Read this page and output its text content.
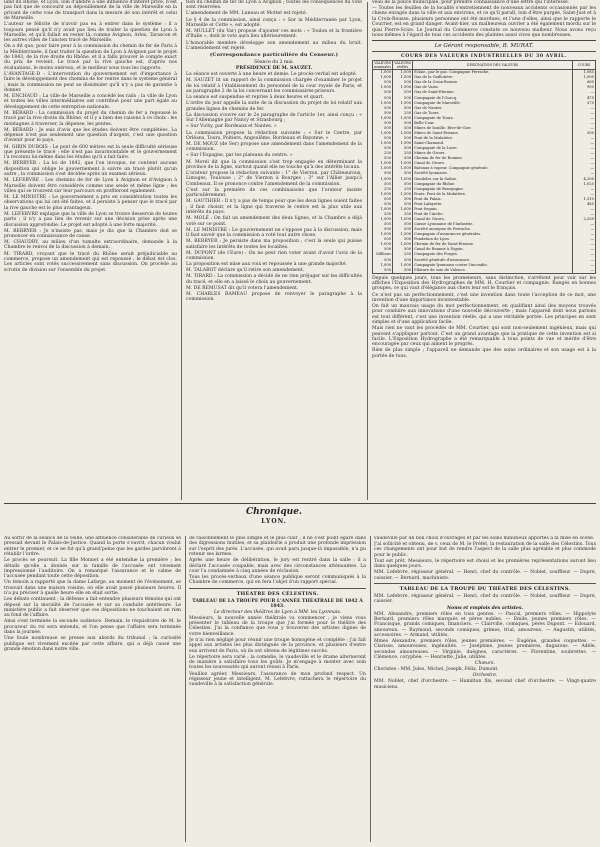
land du Rhône, et Lyon, loin d'abdire à une influence d'intérêt privé, n'est pas fait que de concourir au dépouillement de la ville de Marseille en la privant de cette voie de transport dans la mesure de son intérêt et celui de Marseille.

L'auteur se félicite de n'avoir pas eu à entrer dans le système ; il a toujours pensé qu'il n'y avait pas lieu de traiter la question de Lyon à Marseille, et qu'il fallait en rester là, comme Avignon, Arles, Tarascon et les autres villes de l'ancien tracé de Marseille.

On a dit que, pour faire peur à la commission du chemin de fer de Paris à la Méditerranée, il faut traiter la question de Lyon à Avignon par le projet de 1843, de la rive droite du Rhône, et il a fallu prouver le compte exact du prix de revient. Le tracé par la rive gauche est, d'après nos évaluations, le moins onéreux, et le meilleur sous tous les rapports.

L'AVANTAGE-D : L'intervention du gouvernement est d'importance à faire le développement des chemins de fer rentre dans le système général ; mais la commission ne peut se dissimuler qu'il n'y a pas de garantie à donner.

M. ENCHAUD : La ville de Marseille a concédé les rails ; la ville de Lyon et toutes les villes intermédiaires ont contribué pour une part égale au développement de cette entreprise nationale.

M. BÉRARD : La commission du projet du chemin de fer a repoussé le tracé par la rive droite du Rhône, et il y a bien des raisons à ce choix : les montagnes à traverser, la dépense, les pentes.

M. BÉRARD : Je suis d'avis que les études doivent être complétées. La dépense n'est pas seulement une question d'argent, c'est une question d'avenir pour le pays.

M. GIRIN DUBOIS : Le pont de 600 mètres est la seule difficulté sérieuse que présente le tracé ; elle n'est pas insurmontable et le gouvernement l'a reconnu lui-même dans les études qu'il a fait faire.

M. BERRYER : La loi de 1842, que l'on invoque, ne contient aucune disposition qui oblige le gouvernement à suivre un tracé plutôt qu'un autre ; la commission s'est décidée après un examen sérieux.

M. LEFEBVRE : Les chemins de fer de Lyon à Avignon et d'Avignon à Marseille doivent être considérés comme une seule et même ligne ; les villes qui se trouvent sur leur parcours en profiteront également.

M. LE MINISTRE : Le gouvernement a pris en considération toutes les observations qui lui ont été faites, et il persiste à penser que le tracé par la rive gauche est le plus avantageux.

M. LEFEBVRE explique que la ville de Lyon se trouve desservie de toutes parts ; il n'y a pas lieu de revenir sur une décision prise après une discussion approfondie. Le projet est adopté à une forte majorité.

M. BERRYER : Je n'insiste pas, mais je dis que la Chambre doit se prononcer en connaissance de cause.

M. CHAUDRY, au milieu d'un tumulte extraordinaire, demande à la Chambre le renvoi de la discussion à demain.

M. TIRARD, croyant que le tracé du Rhône serait préjudiciable au commerce, propose un amendement qui est repoussé ; le débat est clos. Les articles sont votés successivement sans discussion. On procède au scrutin de division sur l'ensemble du projet.

tion du chemin de fer de Lyon à Avignon ; toutes les conséquences du vote sont réservées.

L'amendement de MM. Luneau et Mottet est rejeté.

Le § 4 de la commission, ainsi conçu : « Sur la Méditerranée par Lyon, Marseille et Cette », est adopté.

M. MULLET (du Var) propose d'ajouter ces mots : « Toulon et la frontière d'Italie », dont le vote aura lieu ultérieurement.

L'honorable membre développe son amendement au milieu du bruit. L'amendement est rejeté.

(Correspondance particulière du Censeur.)
Séance du 2 mai.
PRÉSIDENCE DE M. SAUZET.

La séance est ouverte à une heure et demie. Le procès-verbal est adopté.

M. SAUZET lit un rapport de la commission chargée d'examiner le projet de loi relatif à l'établissement du personnel de la cour royale de Paris, et au paragraphe 2 de la loi concernant les commissaires-priseurs.

La séance est suspendue et reprise à deux heures et quart.

L'ordre du jour appelle la suite de la discussion du projet de loi relatif aux grandes lignes de chemins de fer.

La discussion s'ouvre sur le 2e paragraphe de l'article 1er, ainsi conçu : « Sur l'Allemagne par Nancy et Strasbourg ;

« Sur Vichy, par Bordeaux et Nantes. »

La commission propose la rédaction suivante : « Sur le Centre, par Orléans, Tours, Poitiers, Angoulême, Bordeaux et Bayonne. »

M. DE MOUZ (de Ser) propose une amendement dans l'amendement de la commission.

« Sur l'Espagne, par les plateaux du centre. »

M. Morel dit que la commission s'est trop engagée en déterminant la province de la ligne, surtout quand elle ne touche qu'à des intérêts locaux.

L'orateur propose la rédaction suivante : 1° de Vierzon, par Châteauroux, Limoges, Toulouse ; 2° de Vierzon à Bourges ; 3° sur l'Allier jusqu'à Combeaux. Il se prononce contre l'amendement de la commission.

C'est sur la première de ces combinaisons que l'orateur insiste particulièrement.

M. GAUTHIER : Il n'y a pas de temps pour que les deux lignes soient faites ; il faut choisir, et la ligne qui traverse le centre est la plus utile aux intérêts du pays.

M. MOLÉ : On fait un amendement des deux lignes, et la Chambre a déjà voté sur ce point.

M. LE MINISTRE : Le gouvernement ne s'oppose pas à la discussion, mais il faut savoir que la commission a voté tout autre chose.

M. BERRYER : Je persiste dans ma proposition ; c'est la seule qui puisse satisfaire les intérêts de toutes les localités.

M. DUPONT (de l'Eure) : On ne peut rien voter avant d'avoir l'avis de la commission.

La proposition est mise aux voix et repoussée à une grande majorité.

M. TALABOT déclare qu'il retire son amendement.

M. TIRARD : La commission a décidé de ne rien préjuger sur les difficultés du tracé, et elle en a laissé le choix au gouvernement.

M. DE REMUSAT dit qu'il votera l'amendement.

M. CHARLES RAMEAU propose de renvoyer le paragraphe à la commission.

veau de la police municipale, pour prendre connaissance d'une lettre qui l'intéresse.

— Toutes les feuilles de la localité s'entretiennent de nouveaux accidents occasionnés par les chiens enragés dans la ville et aux environs, et ce qu'il paraît, loin d'être purgée, Saint-Just et à la Croix-Rousse, plusieurs personnes ont été mordues, et l'une d'elles, ainsi que le rapporte le Courrier, est en grand danger. Avant-hier, un malheureux ouvrier a été également mordu sur le quai Pierre-Scize. Le Journal du Commerce constate ce nouveau malheur. Nous avons reçu nous-mêmes à l'égard de tous ces accidents des plaintes aussi vives que nombreuses.

Le Gérant responsable, B. MURAT.
COURS DES VALEURS INDUSTRIELLES DU 30 AVRIL.
VALEURS nominales	VALEURS réelles	DÉSIGNATION DES VALEURS	COURS
1,000	1,000	Éclair., par le gaz. Compagnie Perrache.	1,085
1,000	1,000	Gaz de la Guillotière.	1,000
500	500	Gaz de la Croix-Rousse.	660
1,000	1,000	Gaz de Vaise.	900
500	500	Gaz de Saint-Étienne.	—
500	500	Compagnie de l'Ourcq.	475
1,000	1,000	Compagnie de Marseille.	375
500	500	Gaz de Nantes.	—
500	250	Gaz de Tours.	—
1,000	1,000	Compagnie de Tours.	—
500	500	Belle-Cour.	—
500	500	Mines de houille. Rive-de-Gier.	—
1,000	1,000	Mines de Saint-Étienne.	500
500	500	Pont de la Mulatière.	—
1,000	1,000	Saint-Chamond.	—
500	500	Compagnie de la Loire.	—
250	250	Mines de Givors.	—
500	500	Chemin de fer de Roanne.	—
1,000	1,000	Canal de Givors.	—
1,000	1,000	Bateaux à vapeur. Compagnie générale.	—
500	500	Société lyonnaise.	—
1,000	1,000	Gondoles sur la Saône.	4,200
500	500	Compagnie du Rhône.	1,025
250	250	Compagnie de Bourgogne.	—
1,000	1,000	Ponts. Pont de la Mulatière.	—
500	500	Pont du Palais.	1,310
500	500	Pont Lafayette.	485
1,000	1,000	Pont Seguin.	—
250	250	Pont de l'Arche.	—
1,000	1,000	Canal de Givors.	2,250
500	500	Caisse Lyonnaise de l'Industrie.	—
500	500	Société anonyme de Perrache.	—
1,000	1,000	Compagnie d'assurances générales.	—
500	500	Fondation de Lyon.	—
1,000	1,000	Chemin de fer de Saint-Étienne.	—
500	500	Canal de Roanne à Digoin.	—
Millions	250	Compagnie des Forges.	—
500	500	Société générale d'assurance.	—
1,000	1,000	Compagnie lyonnaise contre l'incendie.	—
500	500	Filature de soie de Valence.	—

Depuis quelques jours, tous les promeneurs, sans distinction, s'arrêtent pour voir sur les affiches l'Exposition des Hydrographes de MM. H. Courtier et compagnie. Rangés en bonnes groupes, ce qui vaut d'élégance aux chers leur est le français.

Ce n'est pas un perfectionnement, c'est une invention dans toute l'acception de ce mot, une invention d'une importance incontestable.

On fait un mauvais usage du mot perfectionnement, en qualifiant ainsi des moyens trouvés pour conduire aux innovations d'une nouvelle découverte ; mais l'appareil dont nous parlons est tout différent, c'est une invention réelle, qui a une véritable portée. Les principes en sont simples et d'une application facile.

Mais rien ne vaut les procédés de MM. Courtier, qui sont non-seulement ingénieux, mais qui peuvent s'appliquer partout. C'est un grand avantage que la pratique de cette invention est si facile. L'Exposition Hydrographe a été remarquable à tous points de vue et mérite d'être encouragée par ceux qui aiment le progrès.

Rien de plus simple ; l'appareil ne demande que des soins ordinaires et son usage est à la portée de tous.

Chronique.
LYON.

Au sortir de la séance de la veille, une affluence considérable de curieux se pressait devant le Palais-de-Justice. Quand la porte s'ouvrit, chacun voulut entrer le premier, et ce ne fut qu'à grand'peine que les gardes parvinrent à rétablir l'ordre.

Le procès se poursuit. La fille Monnet a été entendue la première ; les détails qu'elle a donnés sur la famille de l'accusée ont vivement impressionné l'auditoire. On a remarqué l'assurance et le calme de l'accusée pendant toute cette déposition.

Un témoin a rapporté que la dame Lafarge, au moment de l'événement, se trouvait dans une maison voisine, où elle avait passé plusieurs heures. Il n'a pu préciser à quelle heure elle en était sortie.

Les débats continuent ; la défense a fait entendre plusieurs témoins qui ont déposé sur la moralité de l'accusée et sur sa conduite antérieure. Le ministère public a fait observer que ces dépositions ne touchaient en rien au fond de l'affaire.

Ainsi s'est terminée la seconde audience. Demain, le réquisitoire de M. le procureur du roi sera entendu, et l'on pense que l'affaire sera terminée dans la journée.

Une foule nombreuse se presse aux abords du tribunal ; la curiosité publique est vivement excitée par cette affaire, qui a déjà causé une grande émotion dans notre ville.

de raisonnement le plus simple et le plus clair ; il ne s'est point égaré dans des digressions inutiles, et sa plaidoirie a produit une profonde impression sur l'esprit des jurés. L'accusée, qui avait paru jusque-là impassible, n'a pu retenir ses larmes.

Après une heure de délibération, le jury est rentré dans la salle ; il a déclaré l'accusée coupable, mais avec des circonstances atténuantes. La cour l'a condamnée à cinq années de réclusion.

Tous les procès-verbaux d'une séance publique seront communiqués à la Chambre de commerce, qui en fera l'objet d'un rapport spécial.

THÉATRE DES CÉLESTINS.
TABLEAU DE LA TROUPE POUR L'ANNÉE THÉATRALE DE 1842 À 1843.
Le directeur des théâtres de Lyon à MM. les Lyonnais.

Messieurs, la nouvelle année théâtrale va commencer ; je viens vous présenter le tableau de la troupe que j'ai formée pour le théâtre des Célestins. J'ai la confiance que vous y trouverez des artistes dignes de votre bienveillance.

Je n'ai rien négligé pour réunir une troupe homogène et complète ; j'ai fait appel aux artistes les plus distingués de la province, et plusieurs d'entre eux arrivent de Paris, où ils ont obtenu de légitimes succès.

Le répertoire sera varié ; la comédie, le vaudeville et le drame alterneront de manière à satisfaire tous les goûts. Je m'engage à monter avec soin toutes les nouveautés qui auront réussi à Paris.

Veuillez agréer, Messieurs, l'assurance de mon profond respect. Un régisseur jeune et intelligent, M. Lefebvre, rattachera le répertoire du vaudeville à la satisfaction générale.

vaudeville par un bon choix d'ouvrages et par les soins minutieux apportés à la mise en scène.

J'ai sollicité et obtenu, de v. ceux de M. le Préfet, la restauration de la salle des Célestins. Tous ces changements ont pour but de rendre l'aspect de la salle plus agréable et plus commode pour le public.

Tout est prêt, Messieurs, le répertoire est choisi et les premières représentations auront lieu dans quelques jours.

MM. Lefebvre, régisseur général. — Henri, chef du contrôle. — Noblet, souffleur. — Dupré, caissier. — Bernard, machiniste.

TABLEAU DE LA TROUPE DU THÉATRE DES CÉLESTINS.

MM. Lefebvre, régisseur général. — Henri, chef du contrôle. — Noblet, souffleur. — Dupré, caissier.

Noms et emplois des artistes.

MM. Alexandre, premiers rôles en tous genres. — Pascal, premiers rôles. — Hippolyte Bernard, premiers rôles marqués et pères nobles. — Emile, jeunes premiers rôles. — Francisque, grands comiques, financiers. — Clairville, comiques, pères Dupont. — Edouard, amoureux. — Raymond, seconds comiques, grimes, trial, amoureux. — Augustin, utilités, accessoires. — Armand, utilités.

Mmes Alexandre, premiers rôles, jeunes premières. — Eugénie, grandes coquettes. — Clarisse, amoureuses, ingénuités. — Joséphine, jeunes premières, dugazons. — Adèle, secondes amoureuses. — Virginie, duègnes, caractères. — Florentine, soubrettes. — Clémence, coryphée. — Henriette, Julie, utilités.

Chœurs.

Choristes : MM. Jules, Michel, Joseph, Félix, Dumont.

Orchestre.

MM. Noblet, chef d'orchestre. — Hamilton fils, second chef d'orchestre. — Vingt-quatre musiciens.
